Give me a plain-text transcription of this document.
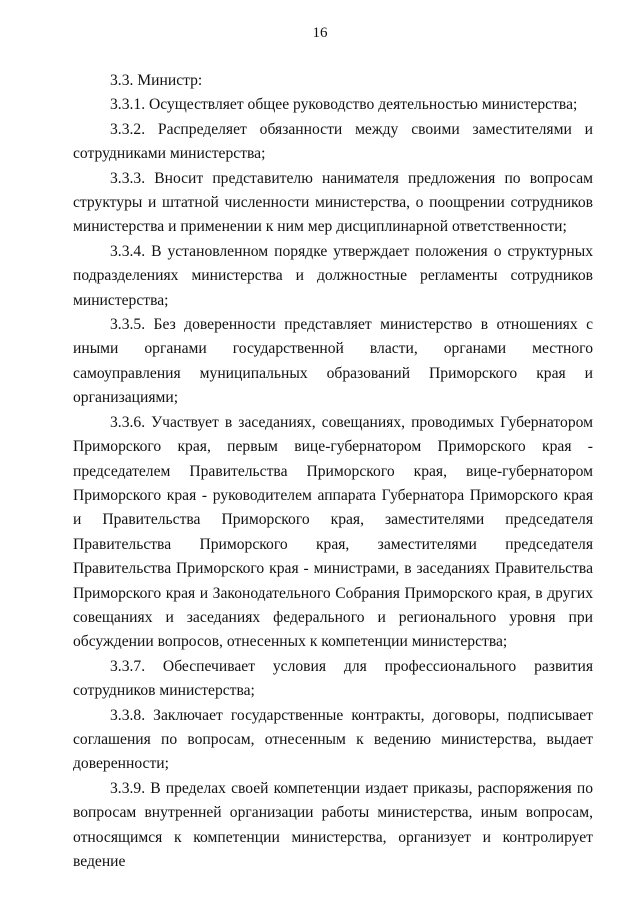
16

3.3. Министр:

3.3.1. Осуществляет общее руководство деятельностью министерства;

3.3.2. Распределяет обязанности между своими заместителями и сотрудниками министерства;

3.3.3. Вносит представителю нанимателя предложения по вопросам структуры и штатной численности министерства, о поощрении сотрудников министерства и применении к ним мер дисциплинарной ответственности;

3.3.4. В установленном порядке утверждает положения о структурных подразделениях министерства и должностные регламенты сотрудников министерства;

3.3.5. Без доверенности представляет министерство в отношениях с иными органами государственной власти, органами местного самоуправления муниципальных образований Приморского края и организациями;

3.3.6. Участвует в заседаниях, совещаниях, проводимых Губернатором Приморского края, первым вице-губернатором Приморского края - председателем Правительства Приморского края, вице-губернатором Приморского края - руководителем аппарата Губернатора Приморского края и Правительства Приморского края, заместителями председателя Правительства Приморского края, заместителями председателя Правительства Приморского края - министрами, в заседаниях Правительства Приморского края и Законодательного Собрания Приморского края, в других совещаниях и заседаниях федерального и регионального уровня при обсуждении вопросов, отнесенных к компетенции министерства;

3.3.7. Обеспечивает условия для профессионального развития сотрудников министерства;

3.3.8. Заключает государственные контракты, договоры, подписывает соглашения по вопросам, отнесенным к ведению министерства, выдает доверенности;

3.3.9. В пределах своей компетенции издает приказы, распоряжения по вопросам внутренней организации работы министерства, иным вопросам, относящимся к компетенции министерства, организует и контролирует ведение
